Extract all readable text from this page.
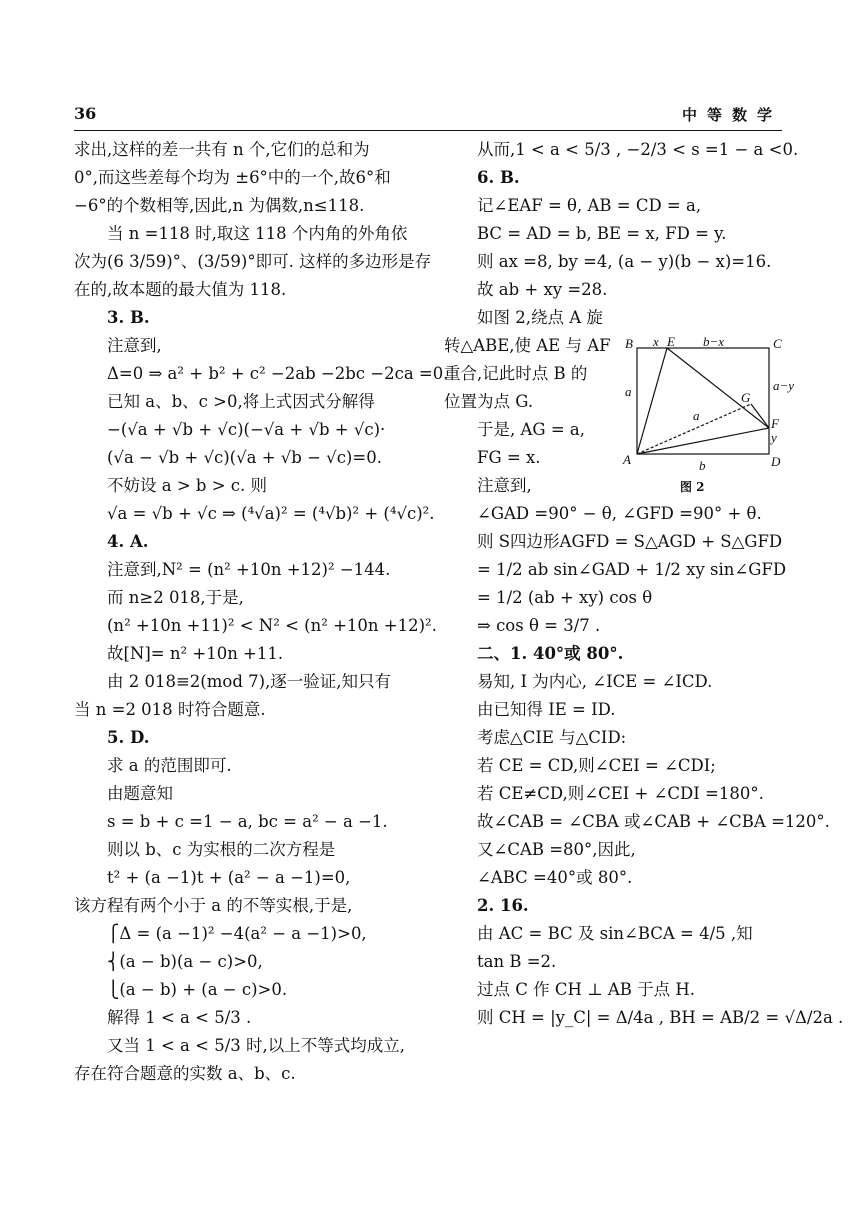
36	中等数学
求出,这样的差一共有 n 个,它们的总和为
0°,而这些差每个均为 ±6°中的一个,故6°和
−6°的个数相等,因此,n 为偶数,n≤118.
当 n =118 时,取这 118 个内角的外角依
次为(6 3/59)°、(3/59)°即可. 这样的多边形是存
在的,故本题的最大值为 118.
3. B.
注意到,
Δ=0 ⇒ a² + b² + c² −2ab −2bc −2ca =0.
已知 a、b、c >0,将上式因式分解得
−(√a + √b + √c)(−√a + √b + √c)·
(√a − √b + √c)(√a + √b − √c)=0.
不妨设 a > b > c. 则
√a = √b + √c ⇒ (⁴√a)² = (⁴√b)² + (⁴√c)².
4. A.
注意到,N² = (n² +10n +12)² −144.
而 n≥2 018,于是,
(n² +10n +11)² < N² < (n² +10n +12)².
故[N]= n² +10n +11.
由 2 018≡2(mod 7),逐一验证,知只有
当 n =2 018 时符合题意.
5. D.
求 a 的范围即可.
由题意知
s = b + c =1 − a, bc = a² − a −1.
则以 b、c 为实根的二次方程是
t² + (a −1)t + (a² − a −1)=0,
该方程有两个小于 a 的不等实根,于是,
⎧Δ = (a −1)² −4(a² − a −1)>0,
⎨(a − b)(a − c)>0,
⎩(a − b) + (a − c)>0.
解得 1 < a < 5/3 .
又当 1 < a < 5/3 时,以上不等式均成立,
存在符合题意的实数 a、b、c.
从而,1 < a < 5/3 , −2/3 < s =1 − a <0.
6. B.
记∠EAF = θ, AB = CD = a,
BC = AD = b, BE = x, FD = y.
则 ax =8, by =4, (a − y)(b − x)=16.
故 ab + xy =28.
如图 2,绕点 A 旋
转△ABE,使 AE 与 AF
重合,记此时点 B 的
位置为点 G.
于是, AG = a,
FG = x.
注意到,
∠GAD =90° − θ, ∠GFD =90° + θ.
则 S四边形AGFD = S△AGD + S△GFD
= 1/2 ab sin∠GAD + 1/2 xy sin∠GFD
= 1/2 (ab + xy) cos θ
⇒ cos θ = 3/7 .
二、1. 40°或 80°.
易知, I 为内心, ∠ICE = ∠ICD.
由已知得 IE = ID.
考虑△CIE 与△CID:
若 CE = CD,则∠CEI = ∠CDI;
若 CE≠CD,则∠CEI + ∠CDI =180°.
故∠CAB = ∠CBA 或∠CAB + ∠CBA =120°.
又∠CAB =80°,因此,
∠ABC =40°或 80°.
2. 16.
由 AC = BC 及 sin∠BCA = 4/5 ,知
tan B =2.
过点 C 作 CH ⊥ AB 于点 H.
则 CH = |y_C| = Δ/4a , BH = AB/2 = √Δ/2a .
B x E b−x	C
a	a−y
G
a
F
y
A	b	D
图 2
